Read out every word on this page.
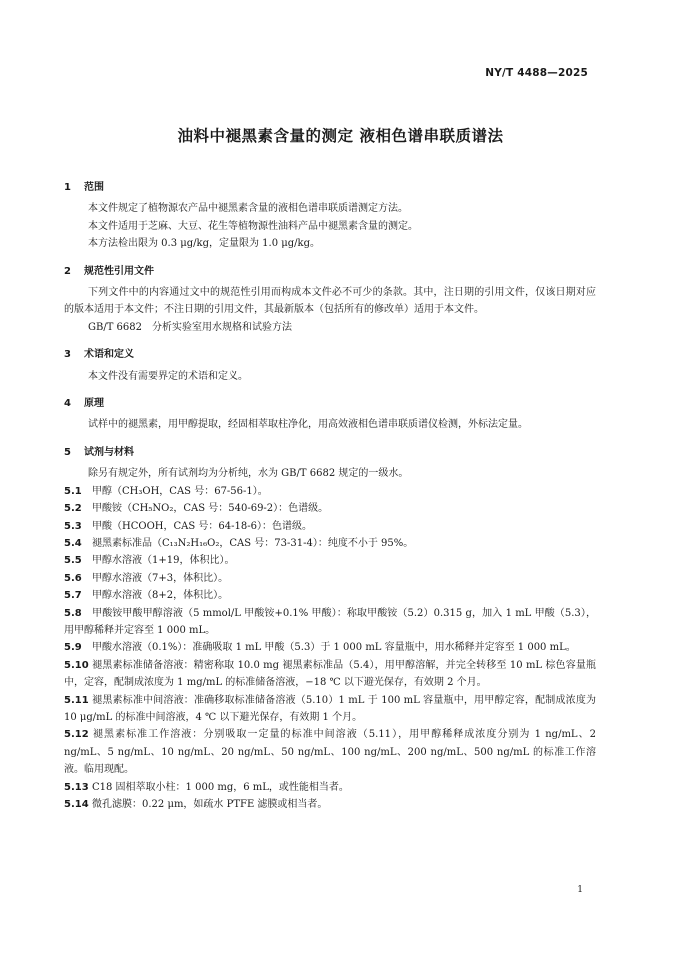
NY/T 4488—2025
油料中褪黑素含量的测定 液相色谱串联质谱法
1 范围

本文件规定了植物源农产品中褪黑素含量的液相色谱串联质谱测定方法。

本文件适用于芝麻、大豆、花生等植物源性油料产品中褪黑素含量的测定。

本方法检出限为 0.3 μg/kg，定量限为 1.0 μg/kg。

2 规范性引用文件

下列文件中的内容通过文中的规范性引用而构成本文件必不可少的条款。其中，注日期的引用文件，仅该日期对应的版本适用于本文件；不注日期的引用文件，其最新版本（包括所有的修改单）适用于本文件。

GB/T 6682　分析实验室用水规格和试验方法

3 术语和定义

本文件没有需要界定的术语和定义。

4 原理

试样中的褪黑素，用甲醇提取，经固相萃取柱净化，用高效液相色谱串联质谱仪检测，外标法定量。

5 试剂与材料

除另有规定外，所有试剂均为分析纯，水为 GB/T 6682 规定的一级水。

5.1 甲醇（CH₃OH，CAS 号：67-56-1）。
5.2 甲酸铵（CH₅NO₂，CAS 号：540-69-2）：色谱级。
5.3 甲酸（HCOOH，CAS 号：64-18-6）：色谱级。
5.4 褪黑素标准品（C₁₃N₂H₁₆O₂，CAS 号：73-31-4）：纯度不小于 95%。
5.5 甲醇水溶液（1+19，体积比）。
5.6 甲醇水溶液（7+3，体积比）。
5.7 甲醇水溶液（8+2，体积比）。
5.8 甲酸铵甲酸甲醇溶液（5 mmol/L 甲酸铵+0.1% 甲酸）：称取甲酸铵（5.2）0.315 g，加入 1 mL 甲酸（5.3），用甲醇稀释并定容至 1 000 mL。
5.9 甲酸水溶液（0.1%）：准确吸取 1 mL 甲酸（5.3）于 1 000 mL 容量瓶中，用水稀释并定容至 1 000 mL。
5.10 褪黑素标准储备溶液：精密称取 10.0 mg 褪黑素标准品（5.4），用甲醇溶解，并完全转移至 10 mL 棕色容量瓶中，定容，配制成浓度为 1 mg/mL 的标准储备溶液，−18 ℃ 以下避光保存，有效期 2 个月。
5.11 褪黑素标准中间溶液：准确移取标准储备溶液（5.10）1 mL 于 100 mL 容量瓶中，用甲醇定容，配制成浓度为 10 μg/mL 的标准中间溶液，4 ℃ 以下避光保存，有效期 1 个月。
5.12 褪黑素标准工作溶液：分别吸取一定量的标准中间溶液（5.11），用甲醇稀释成浓度分别为 1 ng/mL、2 ng/mL、5 ng/mL、10 ng/mL、20 ng/mL、50 ng/mL、100 ng/mL、200 ng/mL、500 ng/mL 的标准工作溶液。临用现配。
5.13 C18 固相萃取小柱：1 000 mg，6 mL，或性能相当者。
5.14 微孔滤膜：0.22 μm，如疏水 PTFE 滤膜或相当者。
1
